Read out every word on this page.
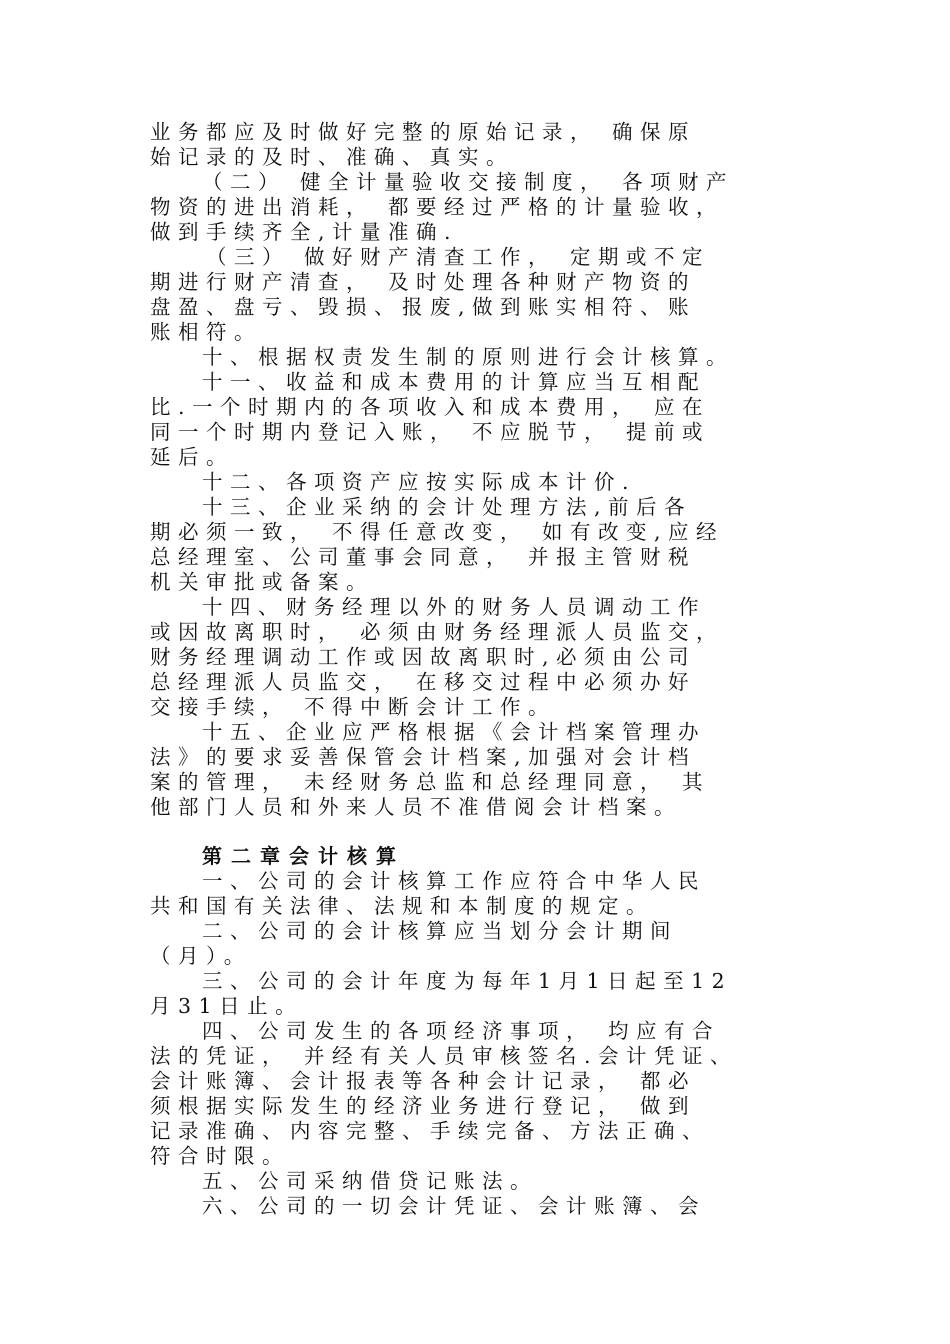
业务都应及时做好完整的原始记录， 确保原
始记录的及时、准确、真实。
（二） 健全计量验收交接制度， 各项财产
物资的进出消耗， 都要经过严格的计量验收，
做到手续齐全,计量准确.
（三） 做好财产清查工作， 定期或不定
期进行财产清查， 及时处理各种财产物资的
盘盈、盘亏、毁损、报废,做到账实相符、账
账相符。
十、根据权责发生制的原则进行会计核算。
十一、收益和成本费用的计算应当互相配
比.一个时期内的各项收入和成本费用， 应在
同一个时期内登记入账， 不应脱节， 提前或
延后。
十二、各项资产应按实际成本计价.
十三、企业采纳的会计处理方法,前后各
期必须一致， 不得任意改变， 如有改变,应经
总经理室、公司董事会同意， 并报主管财税
机关审批或备案。
十四、财务经理以外的财务人员调动工作
或因故离职时， 必须由财务经理派人员监交，
财务经理调动工作或因故离职时,必须由公司
总经理派人员监交， 在移交过程中必须办好
交接手续， 不得中断会计工作。
十五、企业应严格根据《会计档案管理办
法》的要求妥善保管会计档案,加强对会计档
案的管理， 未经财务总监和总经理同意， 其
他部门人员和外来人员不准借阅会计档案。
第二章会计核算
一、公司的会计核算工作应符合中华人民
共和国有关法律、法规和本制度的规定。
二、公司的会计核算应当划分会计期间
（月）。
三、公司的会计年度为每年1月1日起至12
月31日止。
四、公司发生的各项经济事项， 均应有合
法的凭证， 并经有关人员审核签名.会计凭证、
会计账簿、会计报表等各种会计记录， 都必
须根据实际发生的经济业务进行登记， 做到
记录准确、内容完整、手续完备、方法正确、
符合时限。
五、公司采纳借贷记账法。
六、公司的一切会计凭证、会计账簿、会
